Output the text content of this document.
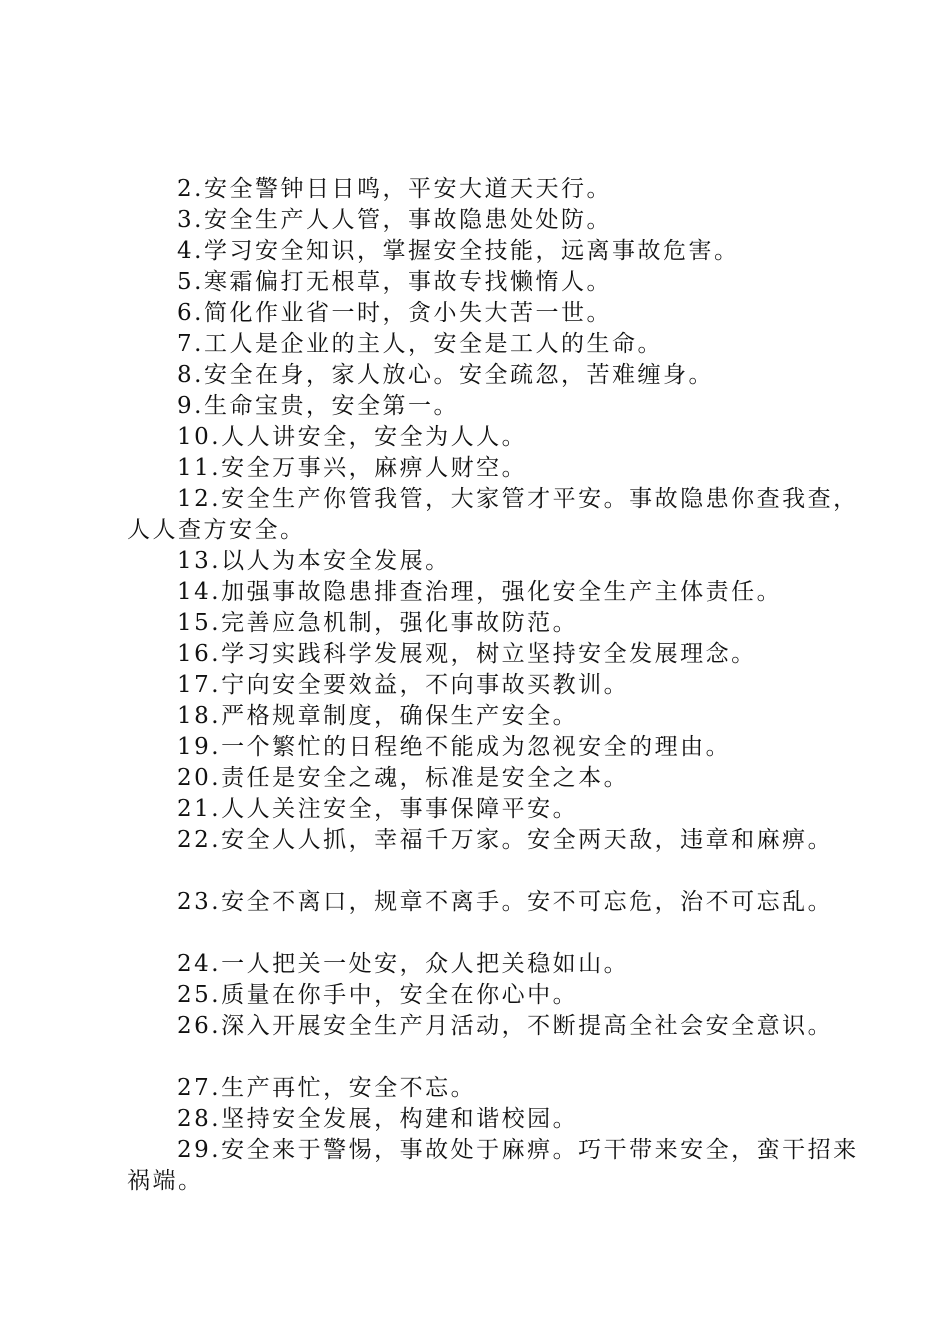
2.安全警钟日日鸣，平安大道天天行。

3.安全生产人人管，事故隐患处处防。

4.学习安全知识，掌握安全技能，远离事故危害。

5.寒霜偏打无根草，事故专找懒惰人。

6.简化作业省一时，贪小失大苦一世。

7.工人是企业的主人，安全是工人的生命。

8.安全在身，家人放心。安全疏忽，苦难缠身。

9.生命宝贵，安全第一。

10.人人讲安全，安全为人人。

11.安全万事兴，麻痹人财空。

12.安全生产你管我管，大家管才平安。事故隐患你查我查，人人查方安全。

13.以人为本安全发展。

14.加强事故隐患排查治理，强化安全生产主体责任。

15.完善应急机制，强化事故防范。

16.学习实践科学发展观，树立坚持安全发展理念。

17.宁向安全要效益，不向事故买教训。

18.严格规章制度，确保生产安全。

19.一个繁忙的日程绝不能成为忽视安全的理由。

20.责任是安全之魂，标准是安全之本。

21.人人关注安全，事事保障平安。

22.安全人人抓，幸福千万家。安全两天敌，违章和麻痹。

23.安全不离口，规章不离手。安不可忘危，治不可忘乱。

24.一人把关一处安，众人把关稳如山。

25.质量在你手中，安全在你心中。

26.深入开展安全生产月活动，不断提高全社会安全意识。

27.生产再忙，安全不忘。

28.坚持安全发展，构建和谐校园。

29.安全来于警惕，事故处于麻痹。巧干带来安全，蛮干招来祸端。
